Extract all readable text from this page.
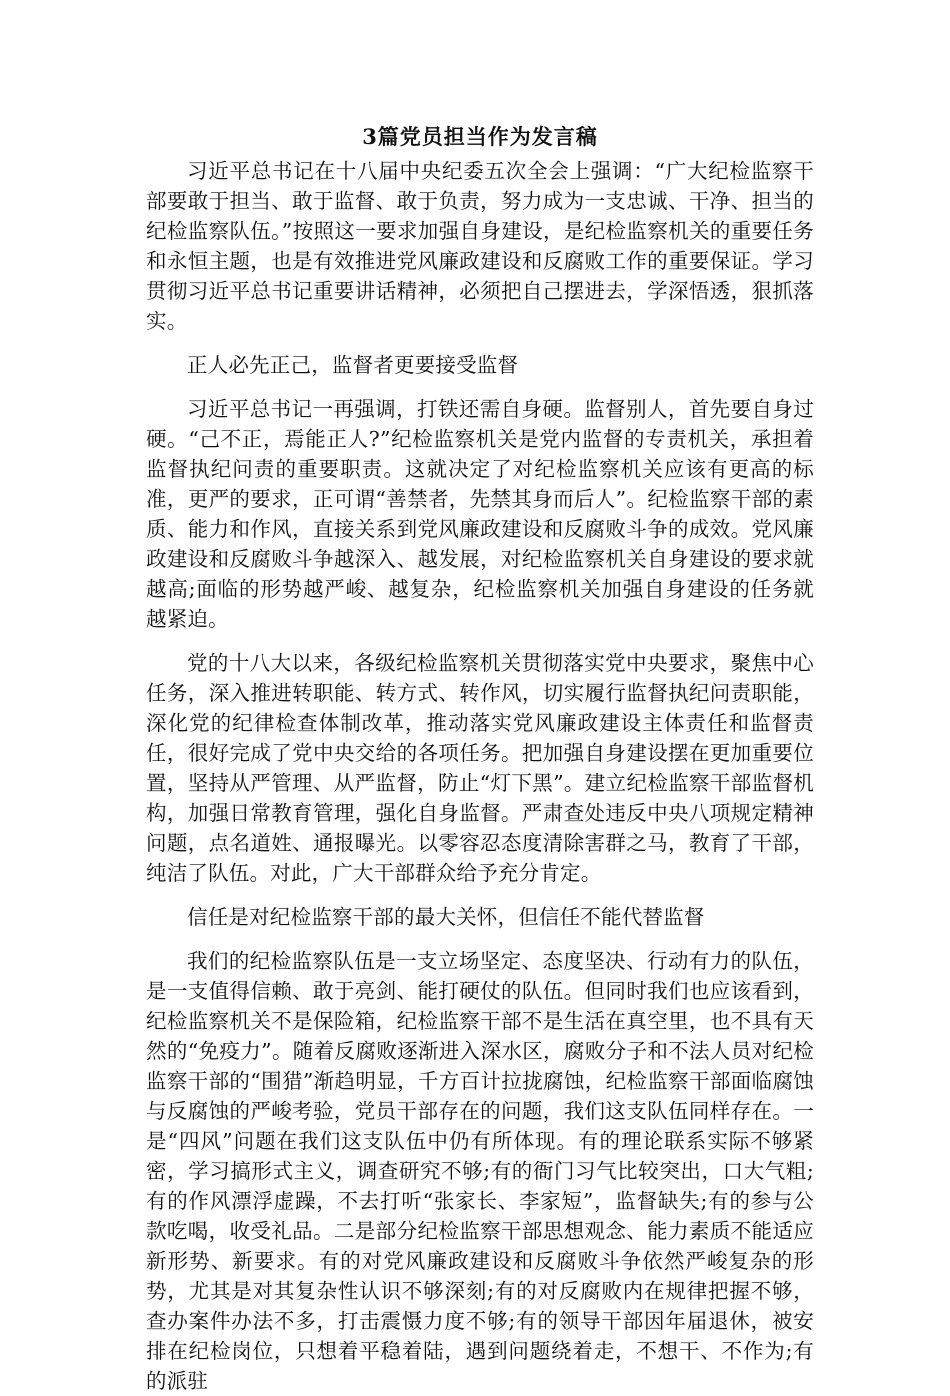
3篇党员担当作为发言稿

习近平总书记在十八届中央纪委五次全会上强调：“广大纪检监察干部要敢于担当、敢于监督、敢于负责，努力成为一支忠诚、干净、担当的纪检监察队伍。”按照这一要求加强自身建设，是纪检监察机关的重要任务和永恒主题，也是有效推进党风廉政建设和反腐败工作的重要保证。学习贯彻习近平总书记重要讲话精神，必须把自己摆进去，学深悟透，狠抓落实。

正人必先正己，监督者更要接受监督

习近平总书记一再强调，打铁还需自身硬。监督别人，首先要自身过硬。“己不正，焉能正人?”纪检监察机关是党内监督的专责机关，承担着监督执纪问责的重要职责。这就决定了对纪检监察机关应该有更高的标准，更严的要求，正可谓“善禁者，先禁其身而后人”。纪检监察干部的素质、能力和作风，直接关系到党风廉政建设和反腐败斗争的成效。党风廉政建设和反腐败斗争越深入、越发展，对纪检监察机关自身建设的要求就越高;面临的形势越严峻、越复杂，纪检监察机关加强自身建设的任务就越紧迫。

党的十八大以来，各级纪检监察机关贯彻落实党中央要求，聚焦中心任务，深入推进转职能、转方式、转作风，切实履行监督执纪问责职能，深化党的纪律检查体制改革，推动落实党风廉政建设主体责任和监督责任，很好完成了党中央交给的各项任务。把加强自身建设摆在更加重要位置，坚持从严管理、从严监督，防止“灯下黑”。建立纪检监察干部监督机构，加强日常教育管理，强化自身监督。严肃查处违反中央八项规定精神问题，点名道姓、通报曝光。以零容忍态度清除害群之马，教育了干部，纯洁了队伍。对此，广大干部群众给予充分肯定。

信任是对纪检监察干部的最大关怀，但信任不能代替监督

我们的纪检监察队伍是一支立场坚定、态度坚决、行动有力的队伍，是一支值得信赖、敢于亮剑、能打硬仗的队伍。但同时我们也应该看到，纪检监察机关不是保险箱，纪检监察干部不是生活在真空里，也不具有天然的“免疫力”。随着反腐败逐渐进入深水区，腐败分子和不法人员对纪检监察干部的“围猎”渐趋明显，千方百计拉拢腐蚀，纪检监察干部面临腐蚀与反腐蚀的严峻考验，党员干部存在的问题，我们这支队伍同样存在。一是“四风”问题在我们这支队伍中仍有所体现。有的理论联系实际不够紧密，学习搞形式主义，调查研究不够;有的衙门习气比较突出，口大气粗;有的作风漂浮虚躁，不去打听“张家长、李家短”，监督缺失;有的参与公款吃喝，收受礼品。二是部分纪检监察干部思想观念、能力素质不能适应新形势、新要求。有的对党风廉政建设和反腐败斗争依然严峻复杂的形势，尤其是对其复杂性认识不够深刻;有的对反腐败内在规律把握不够，查办案件办法不多，打击震慑力度不够;有的领导干部因年届退休，被安排在纪检岗位，只想着平稳着陆，遇到问题绕着走，不想干、不作为;有的派驻
